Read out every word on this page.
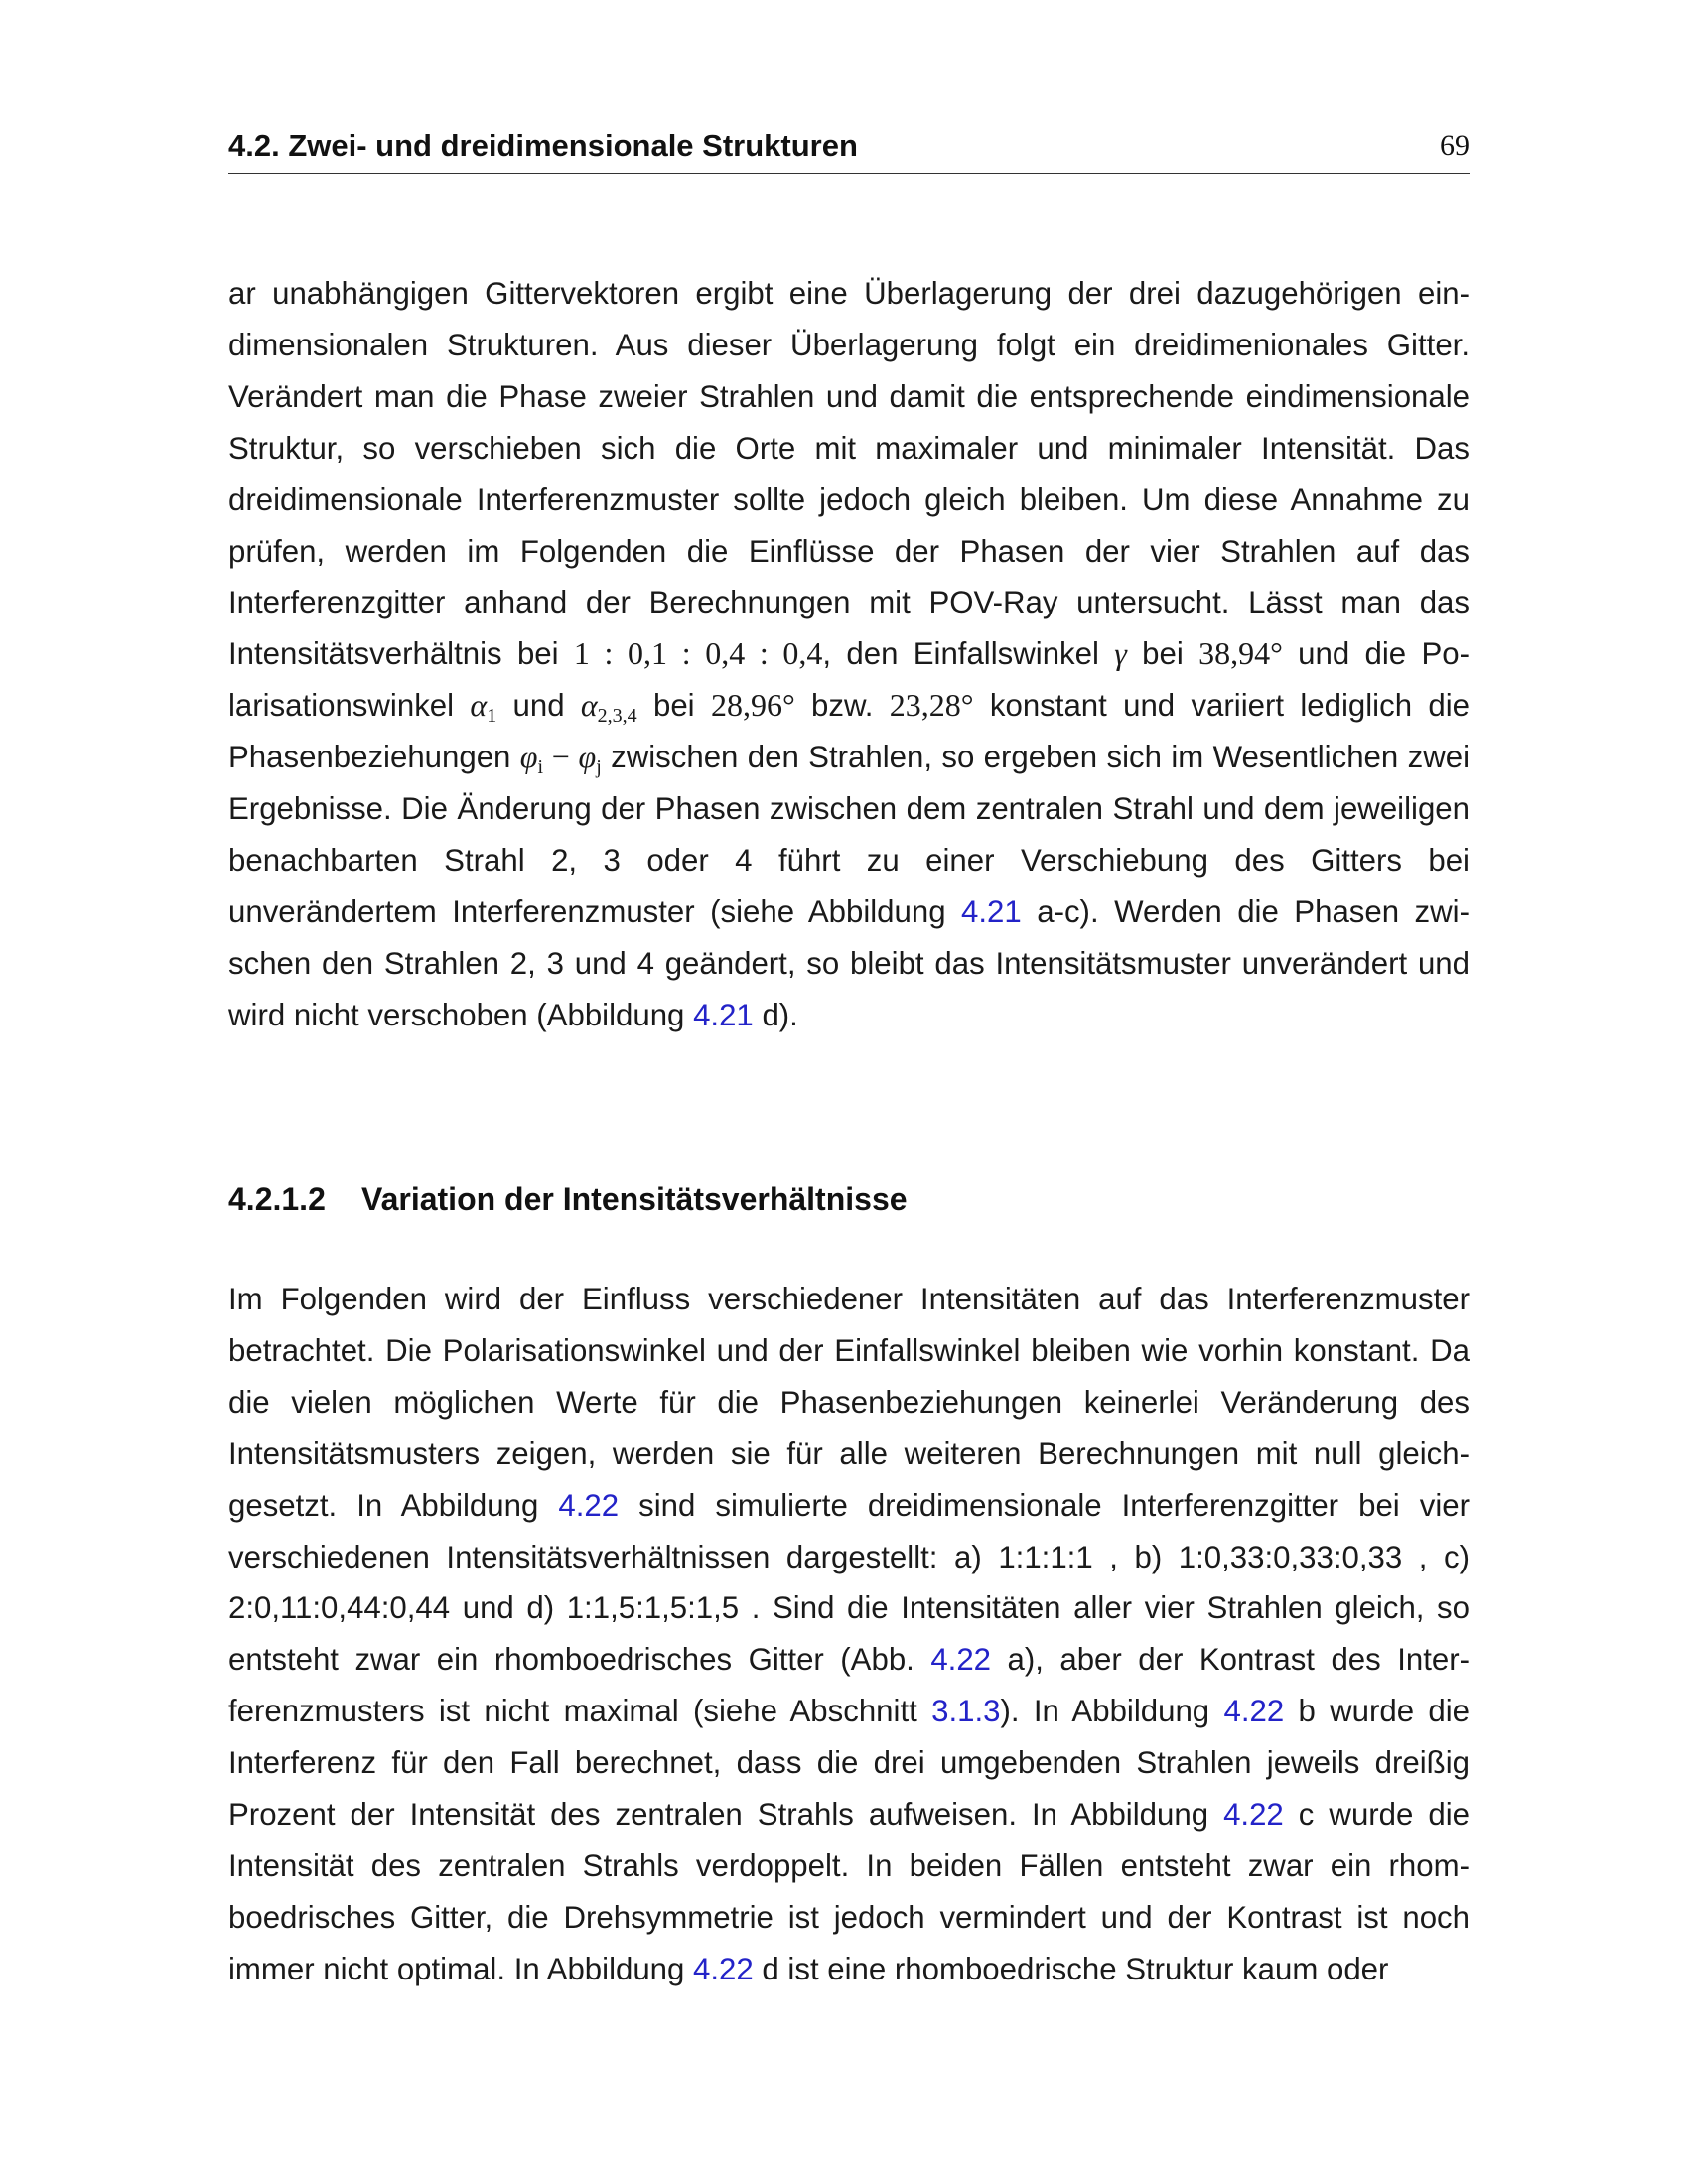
4.2. Zwei- und dreidimensionale Strukturen	69

ar unabhängigen Gittervektoren ergibt eine Überlagerung der drei dazugehörigen eindimensionalen Strukturen. Aus dieser Überlagerung folgt ein dreidimenionales Gitter. Verändert man die Phase zweier Strahlen und damit die entsprechende eindimensionale Struktur, so verschieben sich die Orte mit maximaler und minimaler Intensität. Das dreidimensionale Interferenzmuster sollte jedoch gleich bleiben. Um diese Annahme zu prüfen, werden im Folgenden die Einflüsse der Phasen der vier Strahlen auf das Interferenzgitter anhand der Berechnungen mit POV-Ray untersucht. Lässt man das Intensitätsverhältnis bei 1 : 0,1 : 0,4 : 0,4, den Einfallswinkel γ bei 38,94° und die Polarisationswinkel $\alpha_1$ und $\alpha_{2,3,4}$ bei 28,96° bzw. 23,28° konstant und variiert lediglich die Phasenbeziehungen $\varphi_i - \varphi_j$ zwischen den Strahlen, so ergeben sich im Wesentlichen zwei Ergebnisse. Die Änderung der Phasen zwischen dem zentralen Strahl und dem jeweiligen benachbarten Strahl 2, 3 oder 4 führt zu einer Verschiebung des Gitters bei unverändertem Interferenzmuster (siehe Abbildung 4.21 a-c). Werden die Phasen zwischen den Strahlen 2, 3 und 4 geändert, so bleibt das Intensitätsmuster unverändert und wird nicht verschoben (Abbildung 4.21 d).

4.2.1.2 Variation der Intensitätsverhältnisse

Im Folgenden wird der Einfluss verschiedener Intensitäten auf das Interferenzmuster betrachtet. Die Polarisationswinkel und der Einfallswinkel bleiben wie vorhin konstant. Da die vielen möglichen Werte für die Phasenbeziehungen keinerlei Veränderung des Intensitätsmusters zeigen, werden sie für alle weiteren Berechnungen mit null gleichgesetzt. In Abbildung 4.22 sind simulierte dreidimensionale Interferenzgitter bei vier verschiedenen Intensitätsverhältnissen dargestellt: a) 1:1:1:1 , b) 1:0,33:0,33:0,33 , c) 2:0,11:0,44:0,44 und d) 1:1,5:1,5:1,5 . Sind die Intensitäten aller vier Strahlen gleich, so entsteht zwar ein rhomboedrisches Gitter (Abb. 4.22 a), aber der Kontrast des Interferenzmusters ist nicht maximal (siehe Abschnitt 3.1.3). In Abbildung 4.22 b wurde die Interferenz für den Fall berechnet, dass die drei umgebenden Strahlen jeweils dreißig Prozent der Intensität des zentralen Strahls aufweisen. In Abbildung 4.22 c wurde die Intensität des zentralen Strahls verdoppelt. In beiden Fällen entsteht zwar ein rhomboedrisches Gitter, die Drehsymmetrie ist jedoch vermindert und der Kontrast ist noch immer nicht optimal. In Abbildung 4.22 d ist eine rhomboedrische Struktur kaum oder
